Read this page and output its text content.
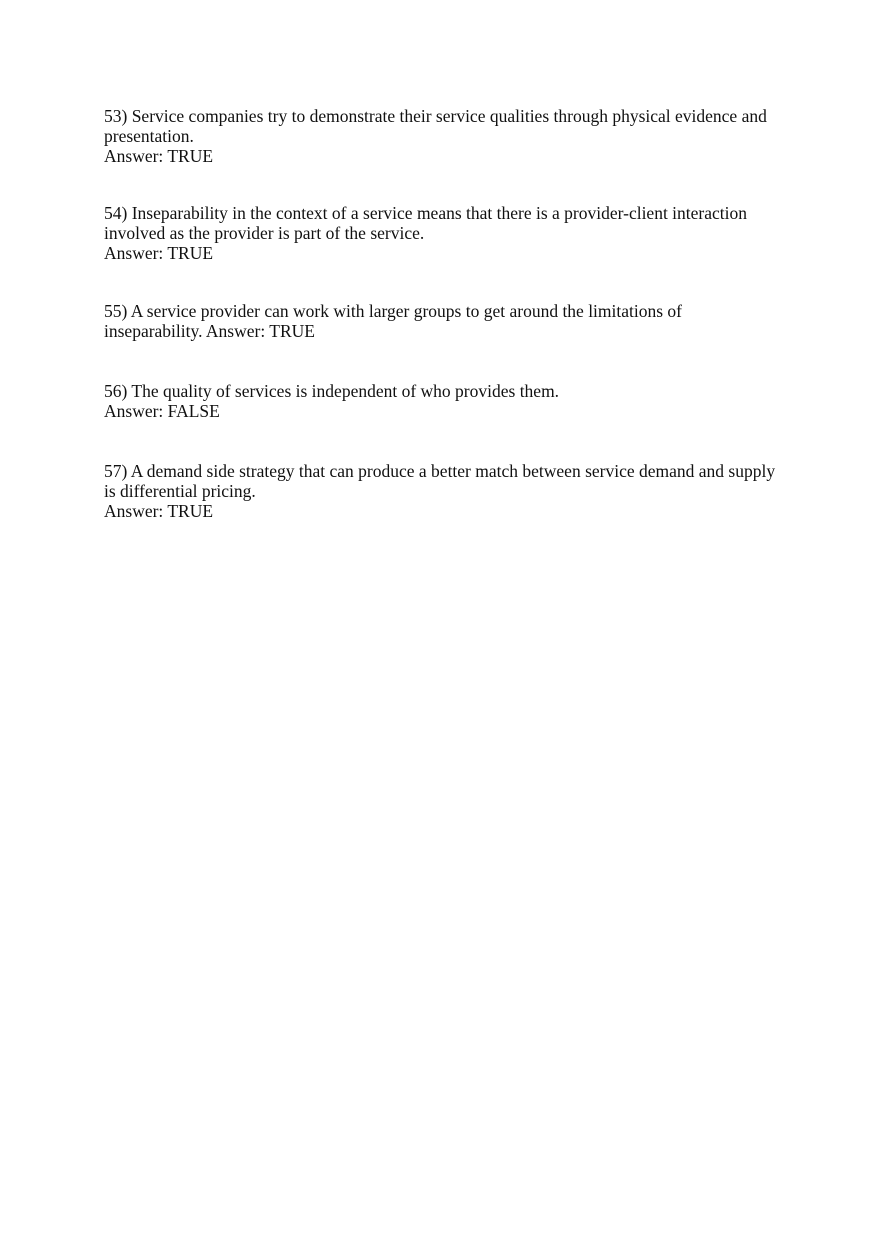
53) Service companies try to demonstrate their service qualities through physical evidence and
presentation.
Answer: TRUE
54) Inseparability in the context of a service means that there is a provider-client interaction
involved as the provider is part of the service.
Answer: TRUE
55) A service provider can work with larger groups to get around the limitations of
inseparability. Answer: TRUE
56) The quality of services is independent of who provides them.
Answer: FALSE
57) A demand side strategy that can produce a better match between service demand and supply
is differential pricing.
Answer: TRUE
